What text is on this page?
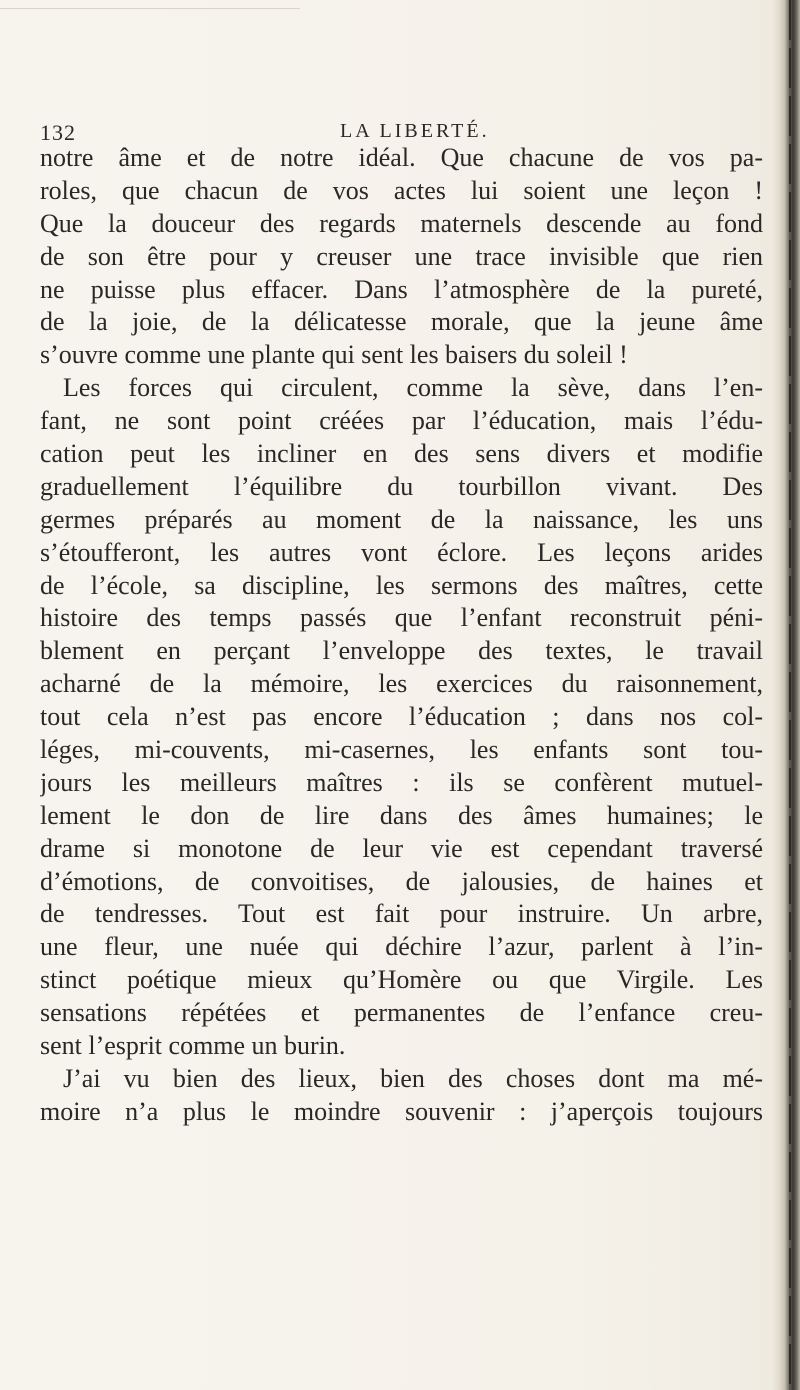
132	LA LIBERTÉ.
notre âme et de notre idéal. Que chacune de vos pa-
roles, que chacun de vos actes lui soient une leçon !
Que la douceur des regards maternels descende au fond
de son être pour y creuser une trace invisible que rien
ne puisse plus effacer. Dans l’atmosphère de la pureté,
de la joie, de la délicatesse morale, que la jeune âme
s’ouvre comme une plante qui sent les baisers du soleil !
Les forces qui circulent, comme la sève, dans l’en-
fant, ne sont point créées par l’éducation, mais l’édu-
cation peut les incliner en des sens divers et modifie
graduellement l’équilibre du tourbillon vivant. Des
germes préparés au moment de la naissance, les uns
s’étoufferont, les autres vont éclore. Les leçons arides
de l’école, sa discipline, les sermons des maîtres, cette
histoire des temps passés que l’enfant reconstruit péni-
blement en perçant l’enveloppe des textes, le travail
acharné de la mémoire, les exercices du raisonnement,
tout cela n’est pas encore l’éducation ; dans nos col-
léges, mi-couvents, mi-casernes, les enfants sont tou-
jours les meilleurs maîtres : ils se confèrent mutuel-
lement le don de lire dans des âmes humaines; le
drame si monotone de leur vie est cependant traversé
d’émotions, de convoitises, de jalousies, de haines et
de tendresses. Tout est fait pour instruire. Un arbre,
une fleur, une nuée qui déchire l’azur, parlent à l’in-
stinct poétique mieux qu’Homère ou que Virgile. Les
sensations répétées et permanentes de l’enfance creu-
sent l’esprit comme un burin.
J’ai vu bien des lieux, bien des choses dont ma mé-
moire n’a plus le moindre souvenir : j’aperçois toujours
